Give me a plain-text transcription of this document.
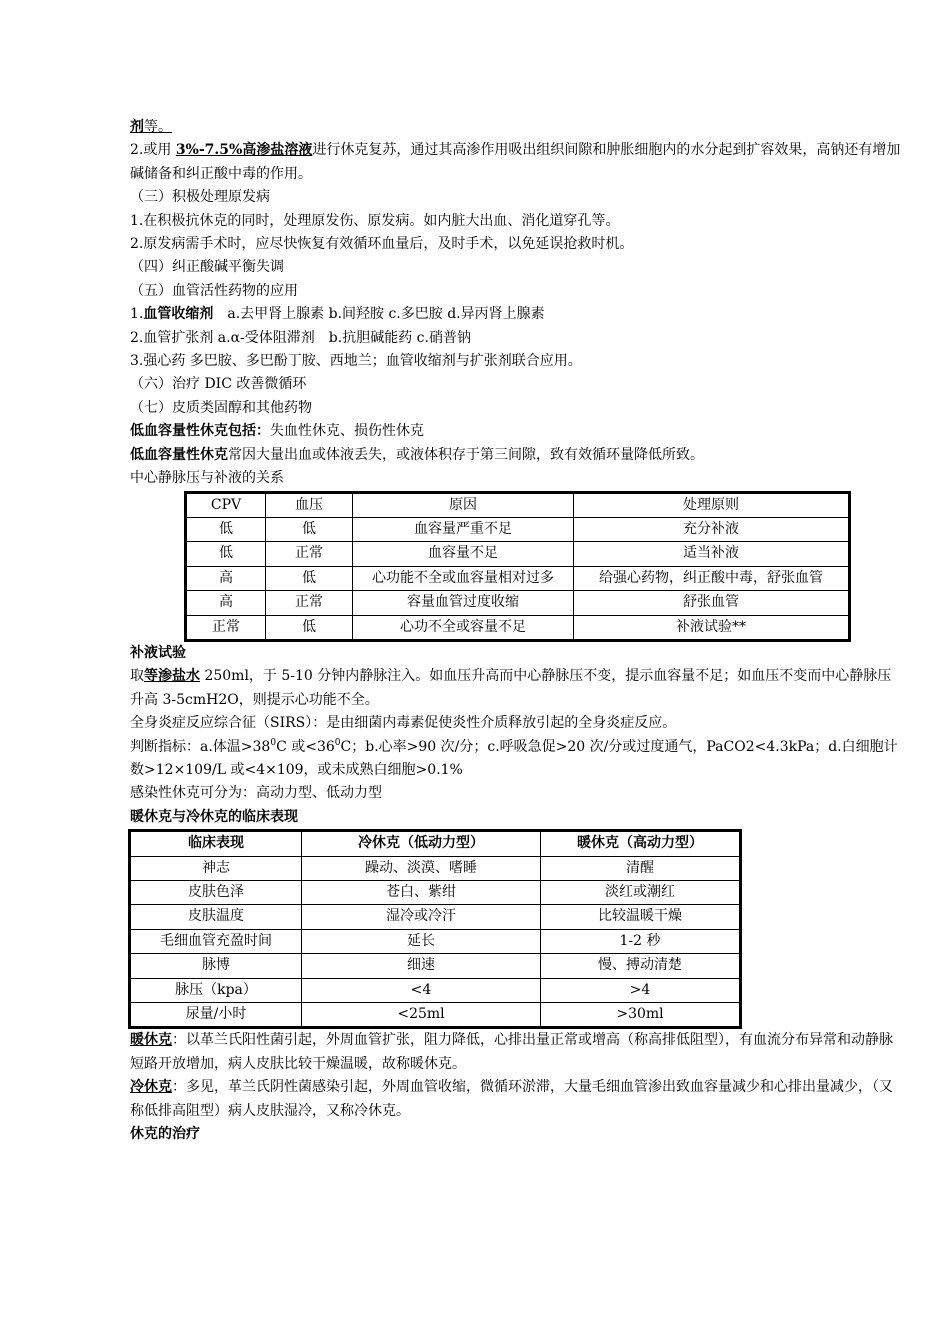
剂等。
2.或用 3%-7.5%高渗盐溶液进行休克复苏，通过其高渗作用吸出组织间隙和肿胀细胞内的水分起到扩容效果，高钠还有增加碱储备和纠正酸中毒的作用。
（三）积极处理原发病
1.在积极抗休克的同时，处理原发伤、原发病。如内脏大出血、消化道穿孔等。
2.原发病需手术时，应尽快恢复有效循环血量后，及时手术，以免延误抢救时机。
（四）纠正酸碱平衡失调
（五）血管活性药物的应用
1.血管收缩剂　a.去甲肾上腺素 b.间羟胺 c.多巴胺 d.异丙肾上腺素
2.血管扩张剂 a.α-受体阻滞剂　b.抗胆碱能药 c.硝普钠
3.强心药 多巴胺、多巴酚丁胺、西地兰；血管收缩剂与扩张剂联合应用。
（六）治疗 DIC 改善微循环
（七）皮质类固醇和其他药物
低血容量性休克包括：失血性休克、损伤性休克
低血容量性休克常因大量出血或体液丢失，或液体积存于第三间隙，致有效循环量降低所致。
中心静脉压与补液的关系
CPV	血压	原因	处理原则
低	低	血容量严重不足	充分补液
低	正常	血容量不足	适当补液
高	低	心功能不全或血容量相对过多	给强心药物，纠正酸中毒，舒张血管
高	正常	容量血管过度收缩	舒张血管
正常	低	心功不全或容量不足	补液试验**
补液试验
取等渗盐水 250ml，于 5-10 分钟内静脉注入。如血压升高而中心静脉压不变，提示血容量不足；如血压不变而中心静脉压升高 3-5cmH2O，则提示心功能不全。
全身炎症反应综合征（SIRS）：是由细菌内毒素促使炎性介质释放引起的全身炎症反应。
判断指标：a.体温$>38^0C$ 或$<36^0C$；b.心率>90 次/分；c.呼吸急促>20 次/分或过度通气，PaCO2<4.3kPa；d.白细胞计数>12×109/L 或<4×109，或未成熟白细胞>0.1%
感染性休克可分为：高动力型、低动力型
暖休克与冷休克的临床表现
临床表现	冷休克（低动力型）	暖休克（高动力型）
神志	躁动、淡漠、嗜睡	清醒
皮肤色泽	苍白、紫绀	淡红或潮红
皮肤温度	湿冷或冷汗	比较温暖干燥
毛细血管充盈时间	延长	1-2 秒
脉博	细速	慢、搏动清楚
脉压（kpa）	<4	>4
尿量/小时	<25ml	>30ml
暖休克：以革兰氏阳性菌引起，外周血管扩张，阻力降低，心排出量正常或增高（称高排低阻型），有血流分布异常和动静脉短路开放增加，病人皮肤比较干燥温暖，故称暖休克。
冷休克：多见，革兰氏阴性菌感染引起，外周血管收缩，微循环淤滞，大量毛细血管渗出致血容量减少和心排出量减少，（又称低排高阻型）病人皮肤湿冷，又称冷休克。
休克的治疗
